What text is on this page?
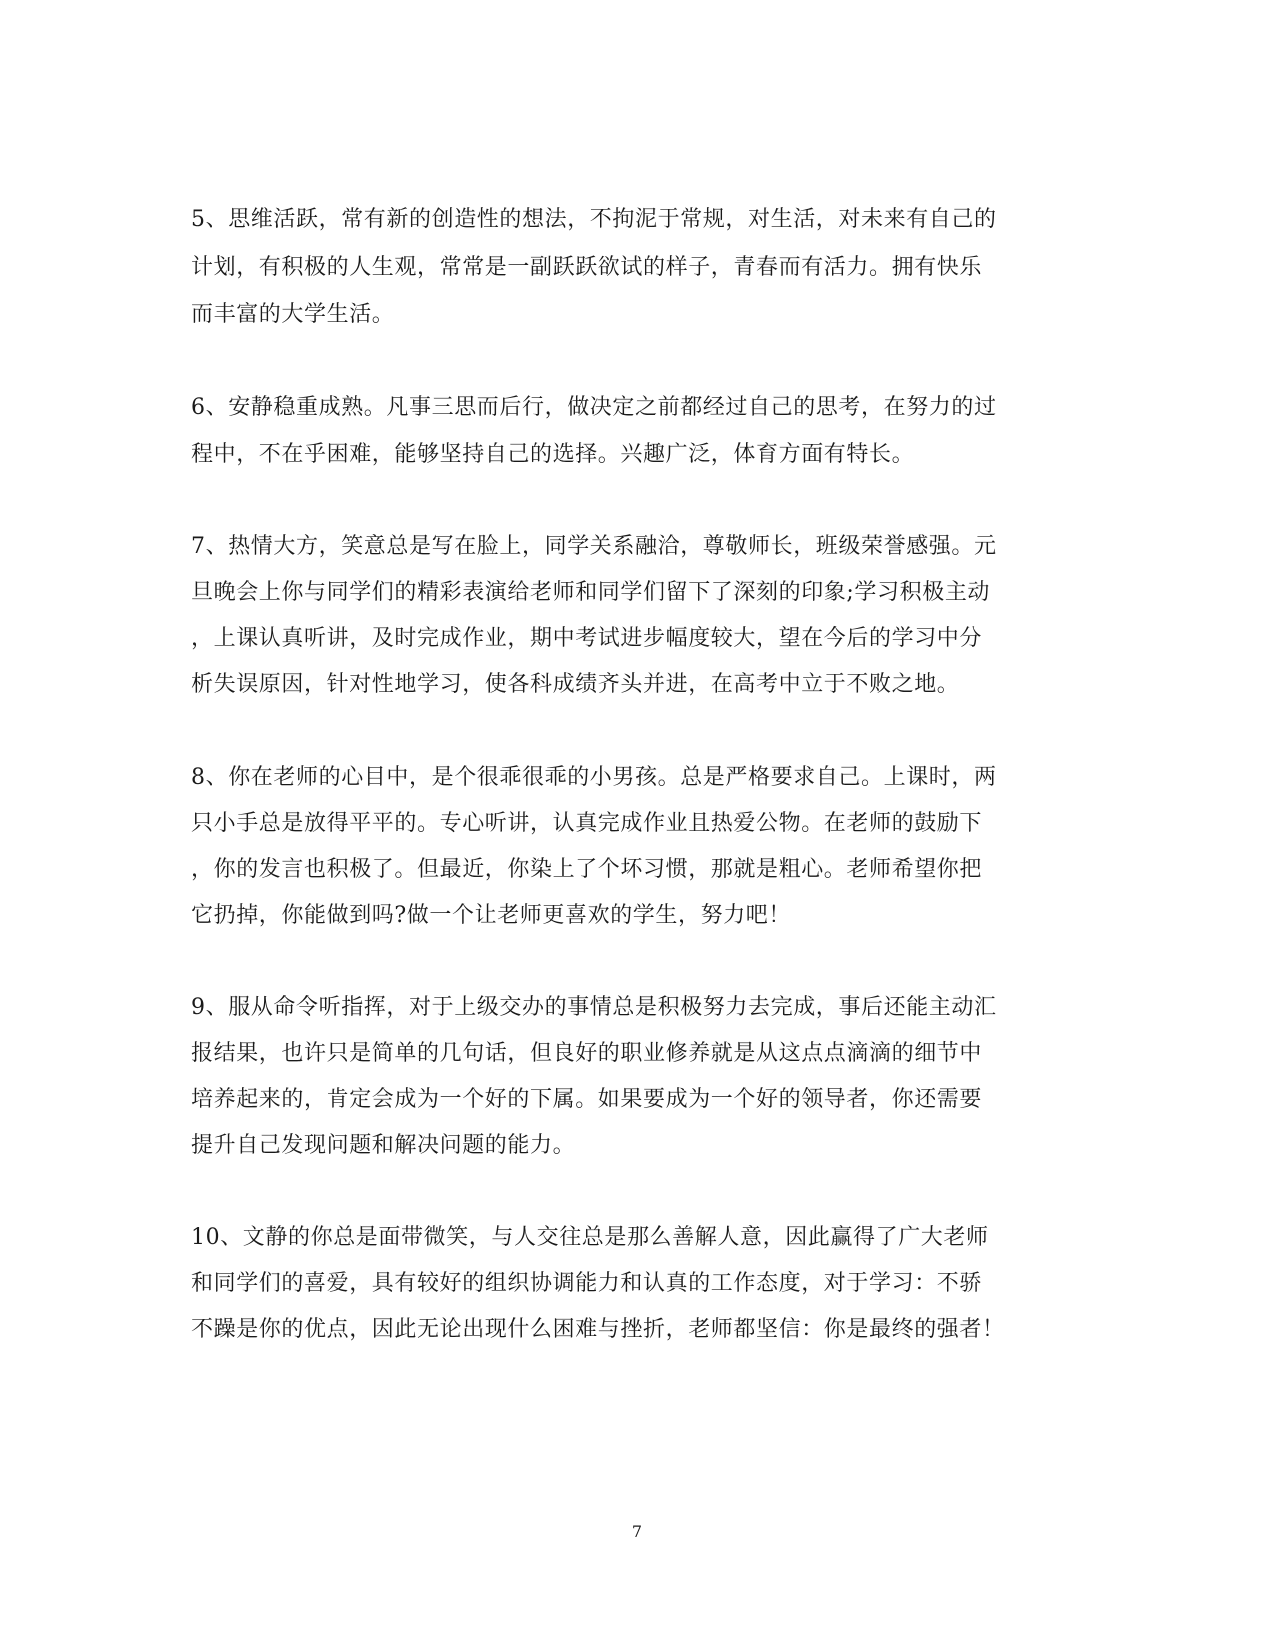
5、思维活跃，常有新的创造性的想法，不拘泥于常规，对生活，对未来有自己的
计划，有积极的人生观，常常是一副跃跃欲试的样子，青春而有活力。拥有快乐
而丰富的大学生活。
6、安静稳重成熟。凡事三思而后行，做决定之前都经过自己的思考，在努力的过
程中，不在乎困难，能够坚持自己的选择。兴趣广泛，体育方面有特长。
7、热情大方，笑意总是写在脸上，同学关系融洽，尊敬师长，班级荣誉感强。元
旦晚会上你与同学们的精彩表演给老师和同学们留下了深刻的印象;学习积极主动
，上课认真听讲，及时完成作业，期中考试进步幅度较大，望在今后的学习中分
析失误原因，针对性地学习，使各科成绩齐头并进，在高考中立于不败之地。
8、你在老师的心目中，是个很乖很乖的小男孩。总是严格要求自己。上课时，两
只小手总是放得平平的。专心听讲，认真完成作业且热爱公物。在老师的鼓励下
，你的发言也积极了。但最近，你染上了个坏习惯，那就是粗心。老师希望你把
它扔掉，你能做到吗?做一个让老师更喜欢的学生，努力吧！
9、服从命令听指挥，对于上级交办的事情总是积极努力去完成，事后还能主动汇
报结果，也许只是简单的几句话，但良好的职业修养就是从这点点滴滴的细节中
培养起来的，肯定会成为一个好的下属。如果要成为一个好的领导者，你还需要
提升自己发现问题和解决问题的能力。
10、文静的你总是面带微笑，与人交往总是那么善解人意，因此赢得了广大老师
和同学们的喜爱，具有较好的组织协调能力和认真的工作态度，对于学习：不骄
不躁是你的优点，因此无论出现什么困难与挫折，老师都坚信：你是最终的强者！
7
